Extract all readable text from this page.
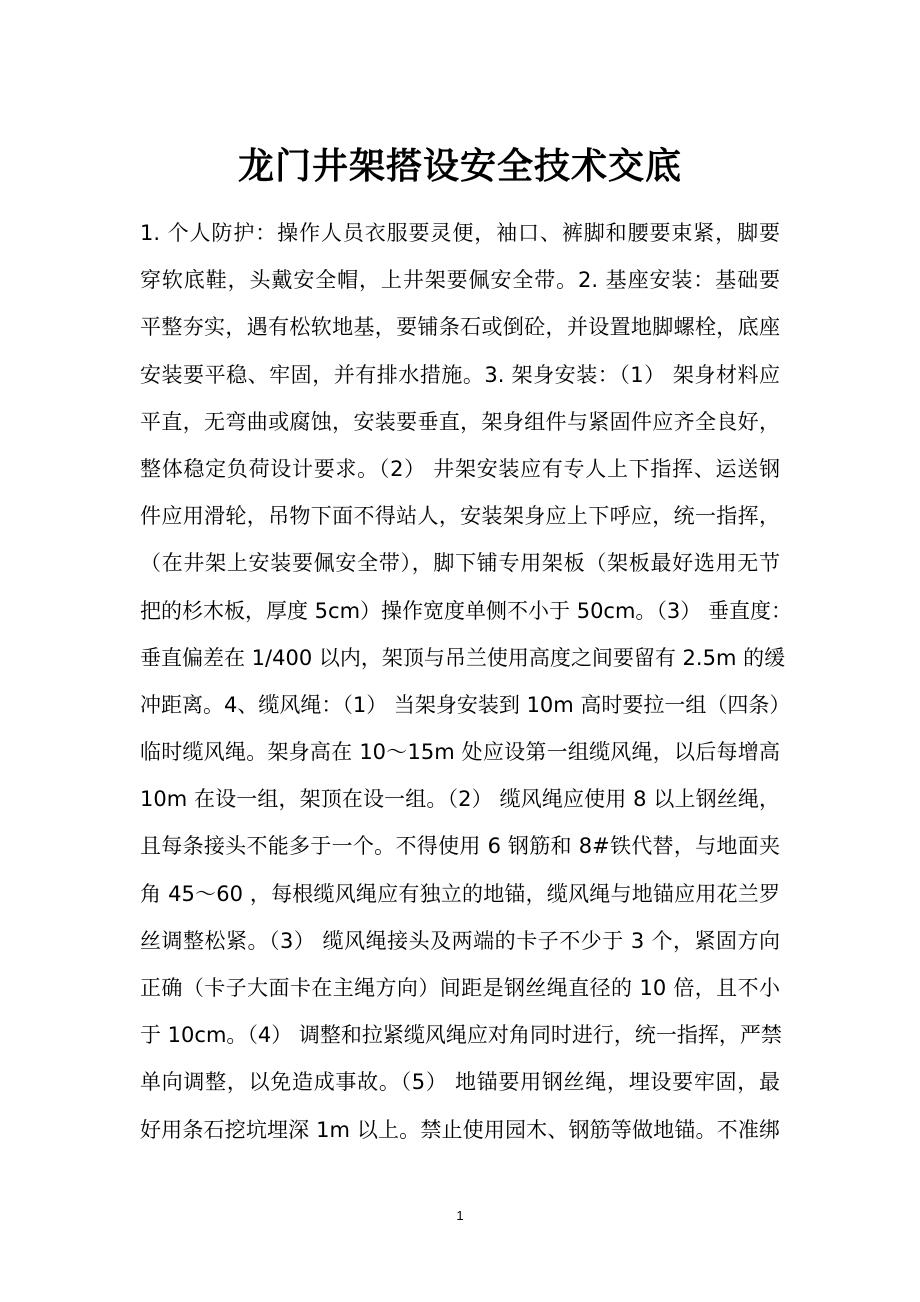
龙门井架搭设安全技术交底
1. 个人防护：操作人员衣服要灵便，袖口、裤脚和腰要束紧，脚要
穿软底鞋，头戴安全帽，上井架要佩安全带。2. 基座安装：基础要
平整夯实，遇有松软地基，要铺条石或倒砼，并设置地脚螺栓，底座
安装要平稳、牢固，并有排水措施。3. 架身安装：（1） 架身材料应
平直，无弯曲或腐蚀，安装要垂直，架身组件与紧固件应齐全良好，
整体稳定负荷设计要求。（2） 井架安装应有专人上下指挥、运送钢
件应用滑轮，吊物下面不得站人，安装架身应上下呼应，统一指挥，
（在井架上安装要佩安全带），脚下铺专用架板（架板最好选用无节
把的杉木板，厚度 5cm）操作宽度单侧不小于 50cm。（3） 垂直度：
垂直偏差在 1/400 以内，架顶与吊兰使用高度之间要留有 2.5m 的缓
冲距离。4、缆风绳：（1） 当架身安装到 10m 高时要拉一组（四条）
临时缆风绳。架身高在 10～15m 处应设第一组缆风绳，以后每增高
10m 在设一组，架顶在设一组。（2） 缆风绳应使用 8 以上钢丝绳，
且每条接头不能多于一个。不得使用 6 钢筋和 8#铁代替，与地面夹
角 45～60 ，每根缆风绳应有独立的地锚，缆风绳与地锚应用花兰罗
丝调整松紧。（3） 缆风绳接头及两端的卡子不少于 3 个，紧固方向
正确（卡子大面卡在主绳方向）间距是钢丝绳直径的 10 倍，且不小
于 10cm。（4） 调整和拉紧缆风绳应对角同时进行，统一指挥，严禁
单向调整，以免造成事故。（5） 地锚要用钢丝绳，埋设要牢固，最
好用条石挖坑埋深 1m 以上。禁止使用园木、钢筋等做地锚。不准绑
1
